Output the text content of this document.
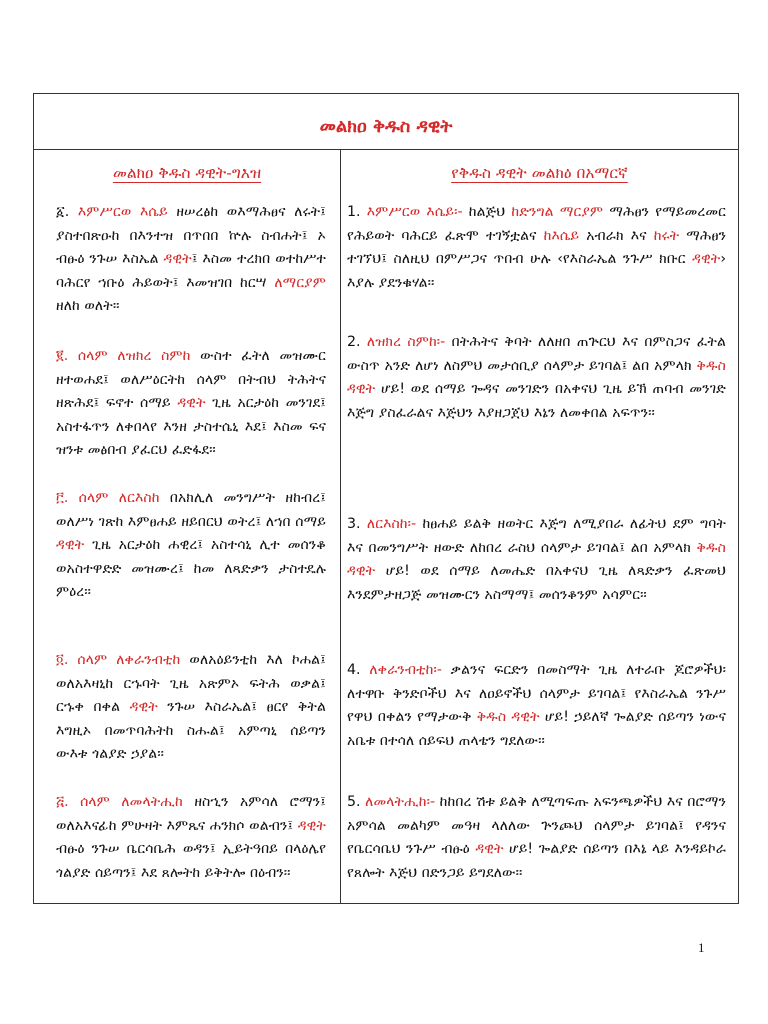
መልክዐ ቅዱስ ዳዊት
መልክዐ ቅዱስ ዳዊት-ግእዝ
፩. እምሥርወ እሴይ ዘሠረፅከ ወእማሕፀና ለሩት፤ ያስተበጽዑከ በእንተዝ በጥበበ ኵሉ ስብሐት፤ ኦ ብፁዕ ንጉሠ እስኤል ዳዊት፤ እስመ ተረክበ ወተከሥተ ባሕርየ ኀቡዕ ሕይወት፤ እመዝገበ ከርሣ ለማርያም ዘለከ ወለት፡፡
፪. ሰላም ለዝክረ ስምከ ውስተ ፈትለ መዝሙር ዘተወሐደ፤ ወለሥዕርትከ ሰላም በትብህ ትሕትና ዘጽሕደ፤ ፍኖተ ሰማይ ዳዊት ጊዜ አርታዕከ መንገደ፤ አስተፋጥን ለቀበላየ እንዘ ታስተሴኒ እደ፤ እስመ ፍና ዝንቱ መፅበብ ያፈርህ ፈድፋደ፡፡
፫. ሰላም ለርእስከ በአክሊለ መንግሥት ዘከብረ፤ ወለሥነ ገጽከ እምፀሐይ ዘይበርህ ወትረ፤ ለኀበ ሰማይ ዳዊት ጊዜ አርታዕከ ሐዊረ፤ አስተሳኒ ሊተ መሰንቆ ወአስተዋድድ መዝሙረ፤ ከመ ለጻድቃን ታስተዴሉ ምዕረ፡፡
፬. ሰላም ለቀራንብቲከ ወለአዕይንቲከ እለ ኮሐል፤ ወለአእዛኒከ ርኁባት ጊዜ አጽምኦ ፍትሕ ወቃል፤ ርኁቀ በቀል ዳዊት ንጉሠ እስራኤል፤ ፀርየ ቅትል እግዚኦ በመጥባሕትከ ስሑል፤ አምጣኒ ሰይጣን ውእቱ ጎልያድ ኃያል፡፡
፭. ሰላም ለመላትሒከ ዘስኂን አምሳለ ሮማን፤ ወለአእናፊከ ምሁዛት እምጼና ሐንክሶ ወልብን፤ ዳዊት ብፁዕ ንጉሠ ቤርሳቤሕ ወዳን፤ ኢይትዓበይ በላዕሌየ ጎልያድ ሰይጣን፤ እደ ጸሎትከ ይቅትሎ በዕብን፡፡
የቅዱስ ዳዊት መልክዕ በአማርኛ
1. እምሥርወ እሴይ፡- ከልጅህ ከድንግል ማርያም ማሕፀን የማይመረመር የሕይወት ባሕርይ ፈጽሞ ተገኝቷልና ከእሴይ አብራክ እና ከሩት ማሕፀን ተገኘህ፤ ስለዚህ በምሥጋና ጥበብ ሁሉ ‹የእስራኤል ንጉሥ ክቡር ዳዊት› እያሉ ያደንቁሃል፡፡
2. ለዝክረ ስምከ፡- በትሕትና ቅባት ለለዘበ ጠጕርህ እና በምስጋና ፈትል ውስጥ አንድ ለሆነ ለስምህ መታሰቢያ ሰላምታ ይገባል፤ ልበ አምላክ ቅዱስ ዳዊት ሆይ! ወደ ሰማይ ጐዳና መንገድን በአቀናህ ጊዜ ይኽ ጠባብ መንገድ እጅግ ያስፈራልና እጅህን እያዘጋጀህ እኔን ለመቀበል አፍጥን፡፡
3. ለርእስከ፡- ከፀሐይ ይልቅ ዘወትር እጅግ ለሚያበራ ለፊትህ ደም ግባት እና በመንግሥት ዘውድ ለከበረ ራስህ ሰላምታ ይገባል፤ ልበ አምላክ ቅዱስ ዳዊት ሆይ! ወደ ሰማይ ለመሔድ በአቀናህ ጊዜ ለጻድቃን ፈጽመህ እንደምታዘጋጅ መዝሙርን አስማማ፤ መሰንቆንም አሳምር፡፡
4. ለቀራንብቲከ፡- ቃልንና ፍርድን በመስማት ጊዜ ለተራቡ ጆሮዎችህ፡ ለተዋቡ ቅንድቦችህ እና ለዐይኖችህ ሰላምታ ይገባል፤ የእስራኤል ንጉሥ የዋህ በቀልን የማታውቅ ቅዱስ ዳዊት ሆይ! ኃይለኛ ጐልያድ ሰይጣን ነውና አቤቱ በተሳለ ሰይፍህ ጠላቴን ግደለው፡፡
5. ለመላትሒከ፡- ከከበረ ሽቱ ይልቅ ለሚጣፍጡ አፍንጫዎችህ እና በሮማን አምሳል መልካም መዓዛ ላለለው ጕንጮህ ሰላምታ ይገባል፤ የዳንና የቤርሳቤህ ንጉሥ ብፁዕ ዳዊት ሆይ! ጐልያድ ሰይጣን በእኔ ላይ እንዳይኮራ የጸሎት እጅህ በድንጋይ ይግደለው፡፡
1
